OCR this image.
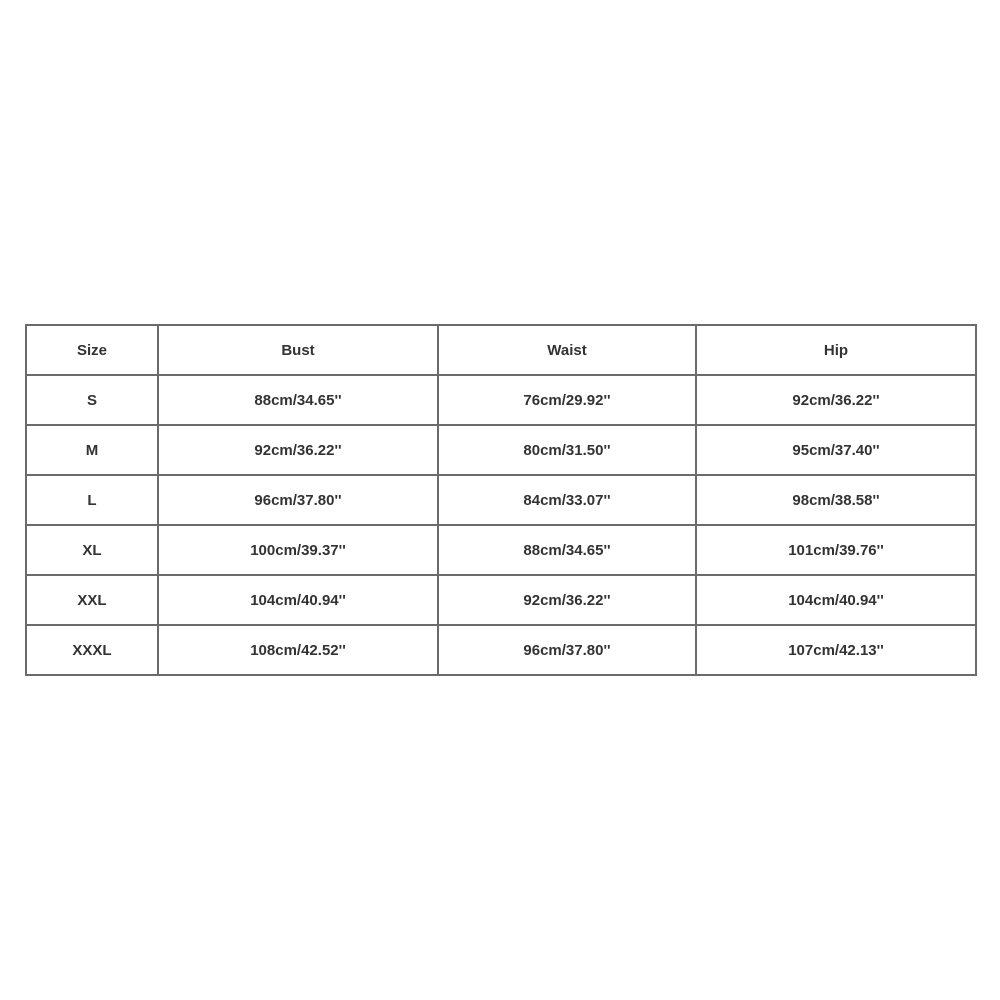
Size	Bust	Waist	Hip
S	88cm/34.65''	76cm/29.92''	92cm/36.22''
M	92cm/36.22''	80cm/31.50''	95cm/37.40''
L	96cm/37.80''	84cm/33.07''	98cm/38.58''
XL	100cm/39.37''	88cm/34.65''	101cm/39.76''
XXL	104cm/40.94''	92cm/36.22''	104cm/40.94''
XXXL	108cm/42.52''	96cm/37.80''	107cm/42.13''
